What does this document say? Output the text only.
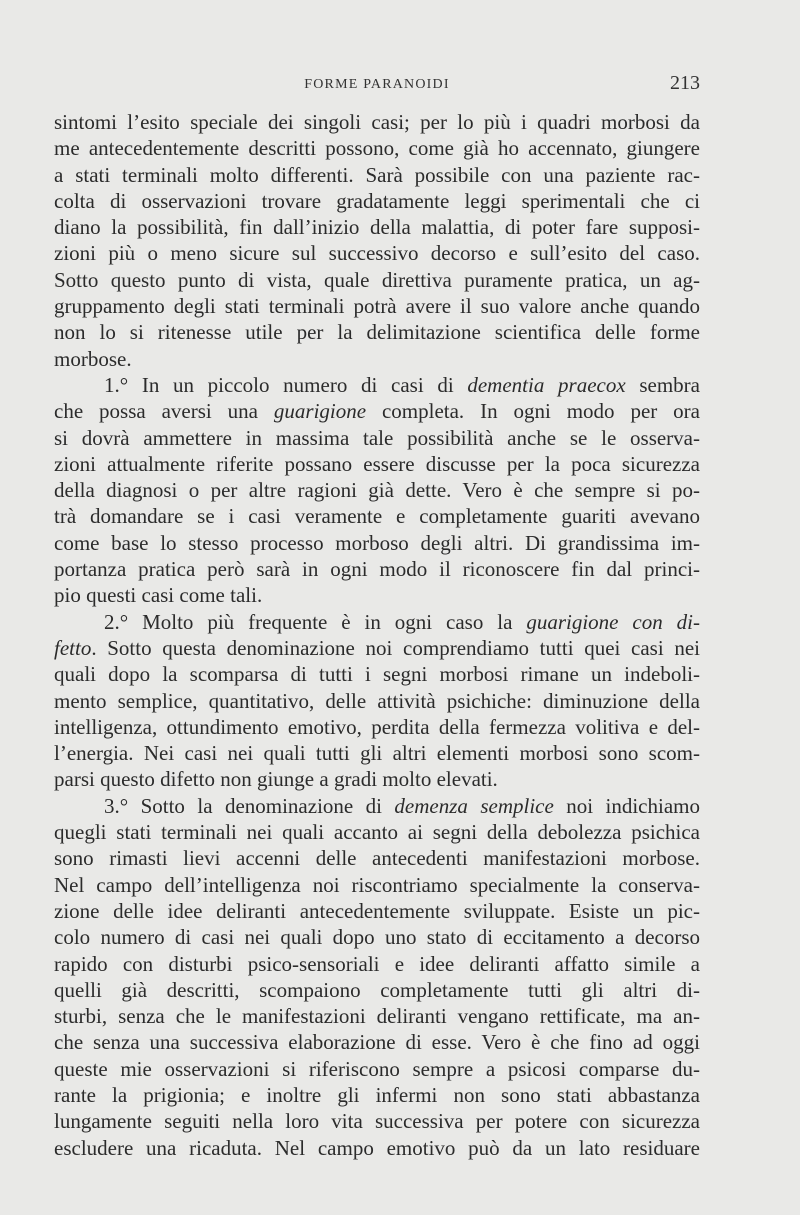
FORME PARANOIDI	213
sintomi l’esito speciale dei singoli casi; per lo più i quadri morbosi da
me antecedentemente descritti possono, come già ho accennato, giungere
a stati terminali molto differenti. Sarà possibile con una paziente rac-
colta di osservazioni trovare gradatamente leggi sperimentali che ci
diano la possibilità, fin dall’inizio della malattia, di poter fare supposi-
zioni più o meno sicure sul successivo decorso e sull’esito del caso.
Sotto questo punto di vista, quale direttiva puramente pratica, un ag-
gruppamento degli stati terminali potrà avere il suo valore anche quando
non lo si ritenesse utile per la delimitazione scientifica delle forme
morbose.
1.° In un piccolo numero di casi di dementia praecox sembra
che possa aversi una guarigione completa. In ogni modo per ora
si dovrà ammettere in massima tale possibilità anche se le osserva-
zioni attualmente riferite possano essere discusse per la poca sicurezza
della diagnosi o per altre ragioni già dette. Vero è che sempre si po-
trà domandare se i casi veramente e completamente guariti avevano
come base lo stesso processo morboso degli altri. Di grandissima im-
portanza pratica però sarà in ogni modo il riconoscere fin dal princi-
pio questi casi come tali.
2.° Molto più frequente è in ogni caso la guarigione con di-
fetto. Sotto questa denominazione noi comprendiamo tutti quei casi nei
quali dopo la scomparsa di tutti i segni morbosi rimane un indeboli-
mento semplice, quantitativo, delle attività psichiche: diminuzione della
intelligenza, ottundimento emotivo, perdita della fermezza volitiva e del-
l’energia. Nei casi nei quali tutti gli altri elementi morbosi sono scom-
parsi questo difetto non giunge a gradi molto elevati.
3.° Sotto la denominazione di demenza semplice noi indichiamo
quegli stati terminali nei quali accanto ai segni della debolezza psichica
sono rimasti lievi accenni delle antecedenti manifestazioni morbose.
Nel campo dell’intelligenza noi riscontriamo specialmente la conserva-
zione delle idee deliranti antecedentemente sviluppate. Esiste un pic-
colo numero di casi nei quali dopo uno stato di eccitamento a decorso
rapido con disturbi psico-sensoriali e idee deliranti affatto simile a
quelli già descritti, scompaiono completamente tutti gli altri di-
sturbi, senza che le manifestazioni deliranti vengano rettificate, ma an-
che senza una successiva elaborazione di esse. Vero è che fino ad oggi
queste mie osservazioni si riferiscono sempre a psicosi comparse du-
rante la prigionia; e inoltre gli infermi non sono stati abbastanza
lungamente seguiti nella loro vita successiva per potere con sicurezza
escludere una ricaduta. Nel campo emotivo può da un lato residuare
